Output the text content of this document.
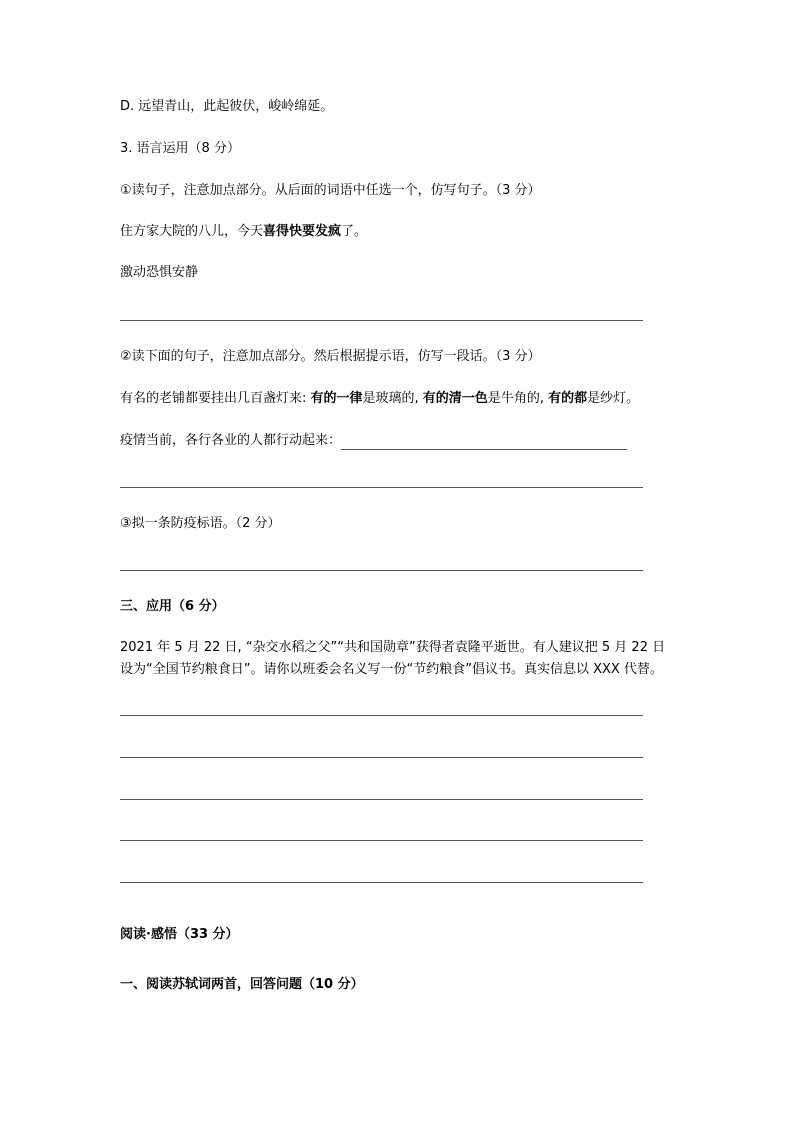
D. 远望青山，此起彼伏，峻岭绵延。
3. 语言运用（8 分）
①读句子，注意加点部分。从后面的词语中任选一个，仿写句子。（3 分）
住方家大院的八儿，今天喜得快要发疯了。
激动恐惧安静
②读下面的句子，注意加点部分。然后根据提示语，仿写一段话。（3 分）
有名的老铺都要挂出几百盏灯来: 有的一律是玻璃的, 有的清一色是牛角的, 有的都是纱灯。
疫情当前，各行各业的人都行动起来：
③拟一条防疫标语。（2 分）
三、应用（6 分）
2021 年 5 月 22 日, “杂交水稻之父”“共和国勋章”获得者袁隆平逝世。有人建议把 5 月 22 日
设为“全国节约粮食日”。请你以班委会名义写一份“节约粮食”倡议书。真实信息以 XXX 代替。
阅读·感悟（33 分）
一、阅读苏轼词两首，回答问题（10 分）
